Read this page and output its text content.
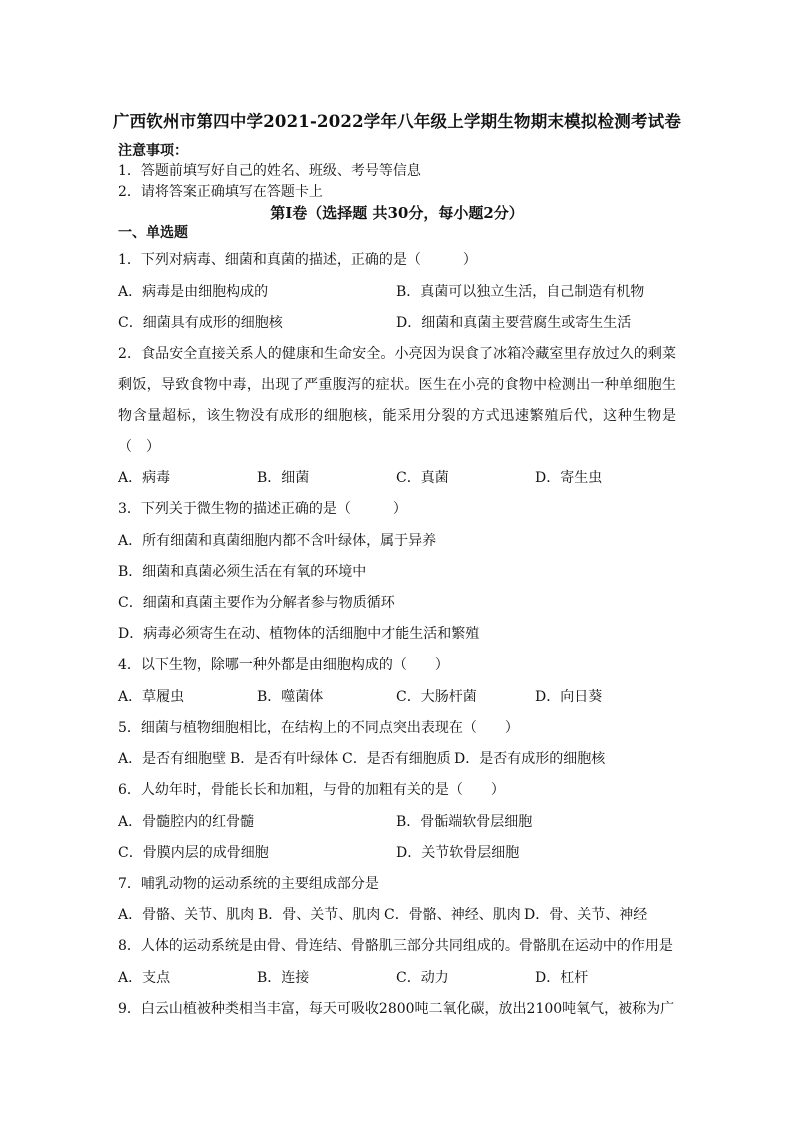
广西钦州市第四中学2021-2022学年八年级上学期生物期末模拟检测考试卷
注意事项：
1．答题前填写好自己的姓名、班级、考号等信息
2．请将答案正确填写在答题卡上
第I卷（选择题 共30分，每小题2分）
一、单选题
1．下列对病毒、细菌和真菌的描述，正确的是（　　　）
A．病毒是由细胞构成的	B．真菌可以独立生活，自己制造有机物
C．细菌具有成形的细胞核	D．细菌和真菌主要营腐生或寄生生活
2．食品安全直接关系人的健康和生命安全。小亮因为误食了冰箱冷藏室里存放过久的剩菜
剩饭，导致食物中毒，出现了严重腹泻的症状。医生在小亮的食物中检测出一种单细胞生
物含量超标，该生物没有成形的细胞核，能采用分裂的方式迅速繁殖后代，这种生物是
（　）
A．病毒	B．细菌	C．真菌	D．寄生虫
3．下列关于微生物的描述正确的是（　　　）
A．所有细菌和真菌细胞内都不含叶绿体，属于异养
B．细菌和真菌必须生活在有氧的环境中
C．细菌和真菌主要作为分解者参与物质循环
D．病毒必须寄生在动、植物体的活细胞中才能生活和繁殖
4．以下生物，除哪一种外都是由细胞构成的（　　）
A．草履虫	B．噬菌体	C．大肠杆菌	D．向日葵
5．细菌与植物细胞相比，在结构上的不同点突出表现在（　　）
A．是否有细胞壁 B．是否有叶绿体 C．是否有细胞质 D．是否有成形的细胞核
6．人幼年时，骨能长长和加粗，与骨的加粗有关的是（　　）
A．骨髓腔内的红骨髓	B．骨骺端软骨层细胞
C．骨膜内层的成骨细胞	D．关节软骨层细胞
7．哺乳动物的运动系统的主要组成部分是
A．骨骼、关节、肌肉 B．骨、关节、肌肉 C．骨骼、神经、肌肉 D．骨、关节、神经
8．人体的运动系统是由骨、骨连结、骨骼肌三部分共同组成的。骨骼肌在运动中的作用是
A．支点	B．连接	C．动力	D．杠杆
9．白云山植被种类相当丰富，每天可吸收2800吨二氧化碳，放出2100吨氧气，被称为广
